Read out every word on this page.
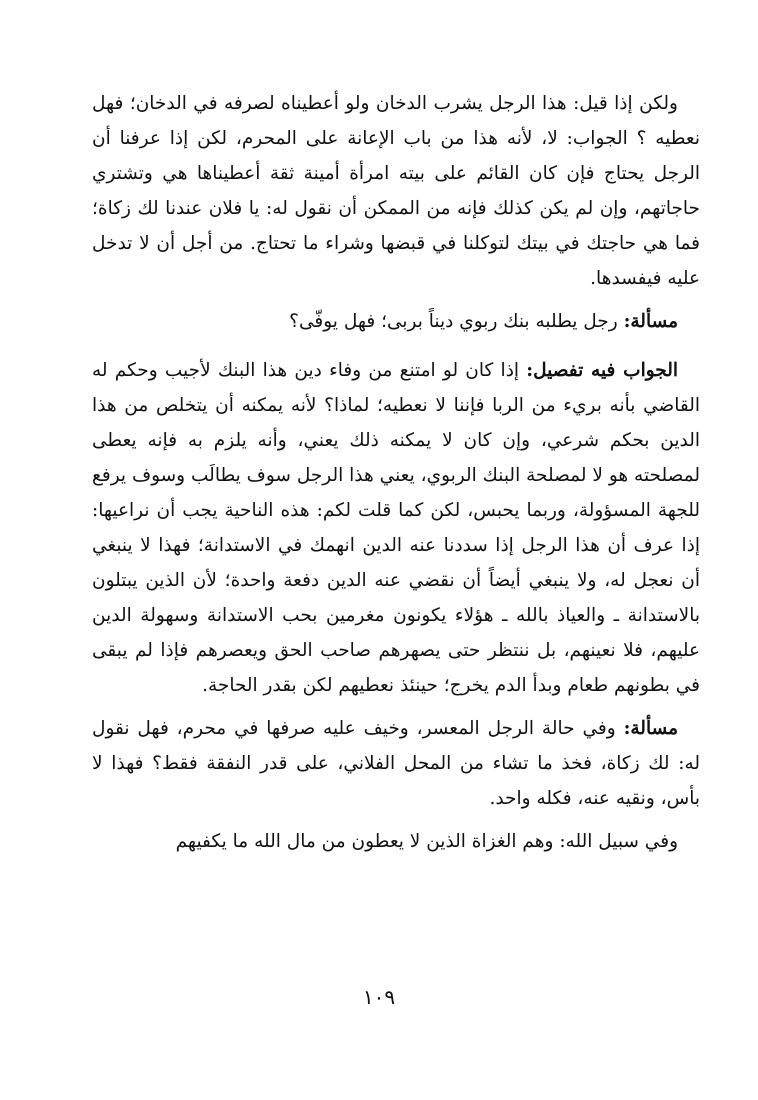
ولكن إذا قيل: هذا الرجل يشرب الدخان ولو أعطيناه لصرفه في الدخان؛ فهل نعطيه ؟ الجواب: لا، لأنه هذا من باب الإعانة على المحرم، لكن إذا عرفنا أن الرجل يحتاج فإن كان القائم على بيته امرأة أمينة ثقة أعطيناها هي وتشتري حاجاتهم، وإن لم يكن كذلك فإنه من الممكن أن نقول له: يا فلان عندنا لك زكاة؛ فما هي حاجتك في بيتك لتوكلنا في قبضها وشراء ما تحتاج. من أجل أن لا تدخل عليه فيفسدها.

مسألة: رجل يطلبه بنك ربوي ديناً بربى؛ فهل يوفّى؟

الجواب فيه تفصيل: إذا كان لو امتنع من وفاء دين هذا البنك لأجيب وحكم له القاضي بأنه بريء من الربا فإننا لا نعطيه؛ لماذا؟ لأنه يمكنه أن يتخلص من هذا الدين بحكم شرعي، وإن كان لا يمكنه ذلك يعني، وأنه يلزم به فإنه يعطى لمصلحته هو لا لمصلحة البنك الربوي، يعني هذا الرجل سوف يطالَب وسوف يرفع للجهة المسؤولة، وربما يحبس، لكن كما قلت لكم: هذه الناحية يجب أن نراعيها: إذا عرف أن هذا الرجل إذا سددنا عنه الدين انهمك في الاستدانة؛ فهذا لا ينبغي أن نعجل له، ولا ينبغي أيضاً أن نقضي عنه الدين دفعة واحدة؛ لأن الذين يبتلون بالاستدانة ـ والعياذ بالله ـ هؤلاء يكونون مغرمين بحب الاستدانة وسهولة الدين عليهم، فلا نعينهم، بل ننتظر حتى يصهرهم صاحب الحق ويعصرهم فإذا لم يبقى في بطونهم طعام وبدأ الدم يخرج؛ حينئذ نعطيهم لكن بقدر الحاجة.

مسألة: وفي حالة الرجل المعسر، وخيف عليه صرفها في محرم، فهل نقول له: لك زكاة، فخذ ما تشاء من المحل الفلاني، على قدر النفقة فقط؟ فهذا لا بأس، ونقيه عنه، فكله واحد.

وفي سبيل الله: وهم الغزاة الذين لا يعطون من مال الله ما يكفيهم

١٠٩
